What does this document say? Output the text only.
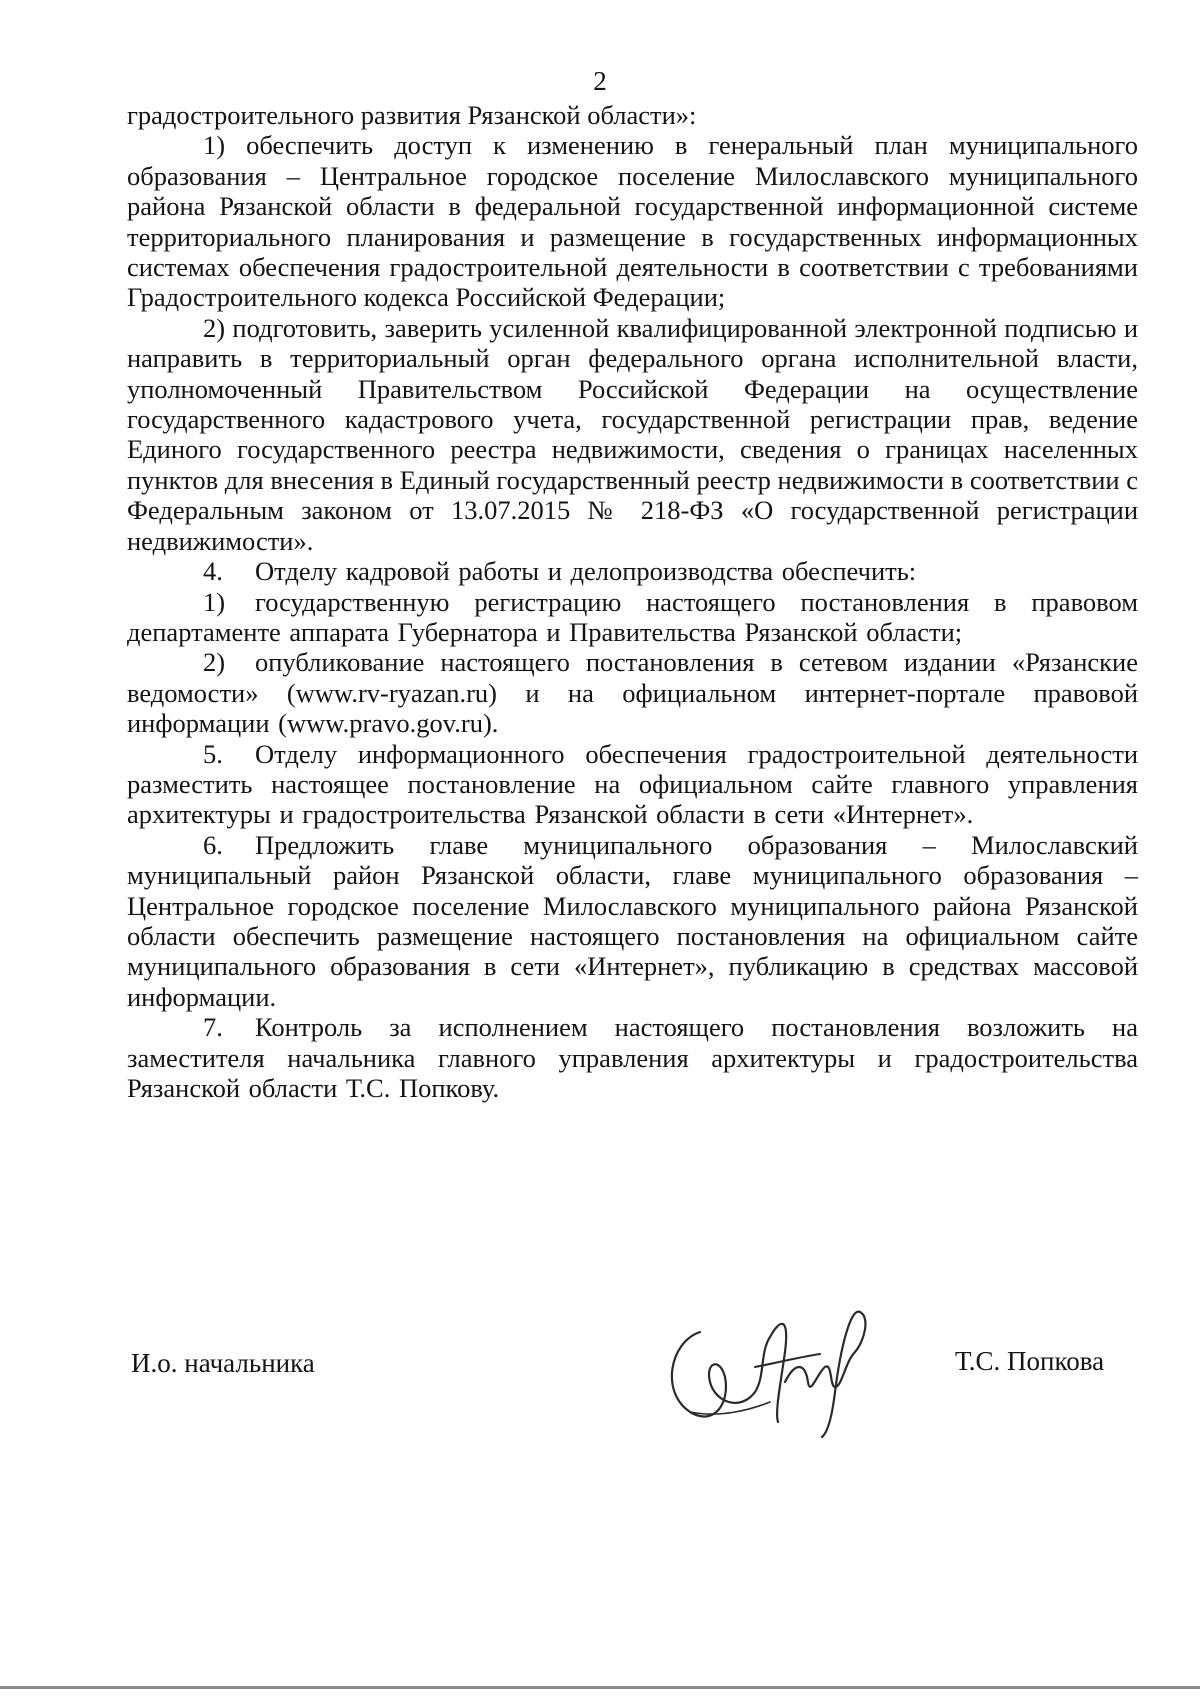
2

градостроительного развития Рязанской области»:

1) обеспечить доступ к изменению в генеральный план муниципального образования – Центральное городское поселение Милославского муниципального района Рязанской области в федеральной государственной информационной системе территориального планирования и размещение в государственных информационных системах обеспечения градостроительной деятельности в соответствии с требованиями Градостроительного кодекса Российской Федерации;

2) подготовить, заверить усиленной квалифицированной электронной подписью и направить в территориальный орган федерального органа исполнительной власти, уполномоченный Правительством Российской Федерации на осуществление государственного кадастрового учета, государственной регистрации прав, ведение Единого государственного реестра недвижимости, сведения о границах населенных пунктов для внесения в Единый государственный реестр недвижимости в соответствии с Федеральным законом от 13.07.2015 № 218-ФЗ «О государственной регистрации недвижимости».

4. Отделу кадровой работы и делопроизводства обеспечить:

1) государственную регистрацию настоящего постановления в правовом департаменте аппарата Губернатора и Правительства Рязанской области;

2) опубликование настоящего постановления в сетевом издании «Рязанские ведомости» (www.rv-ryazan.ru) и на официальном интернет-портале правовой информации (www.pravo.gov.ru).

5. Отделу информационного обеспечения градостроительной деятельности разместить настоящее постановление на официальном сайте главного управления архитектуры и градостроительства Рязанской области в сети «Интернет».

6. Предложить главе муниципального образования – Милославский муниципальный район Рязанской области, главе муниципального образования – Центральное городское поселение Милославского муниципального района Рязанской области обеспечить размещение настоящего постановления на официальном сайте муниципального образования в сети «Интернет», публикацию в средствах массовой информации.

7. Контроль за исполнением настоящего постановления возложить на заместителя начальника главного управления архитектуры и градостроительства Рязанской области Т.С. Попкову.

И.о. начальника	Т.С. Попкова
